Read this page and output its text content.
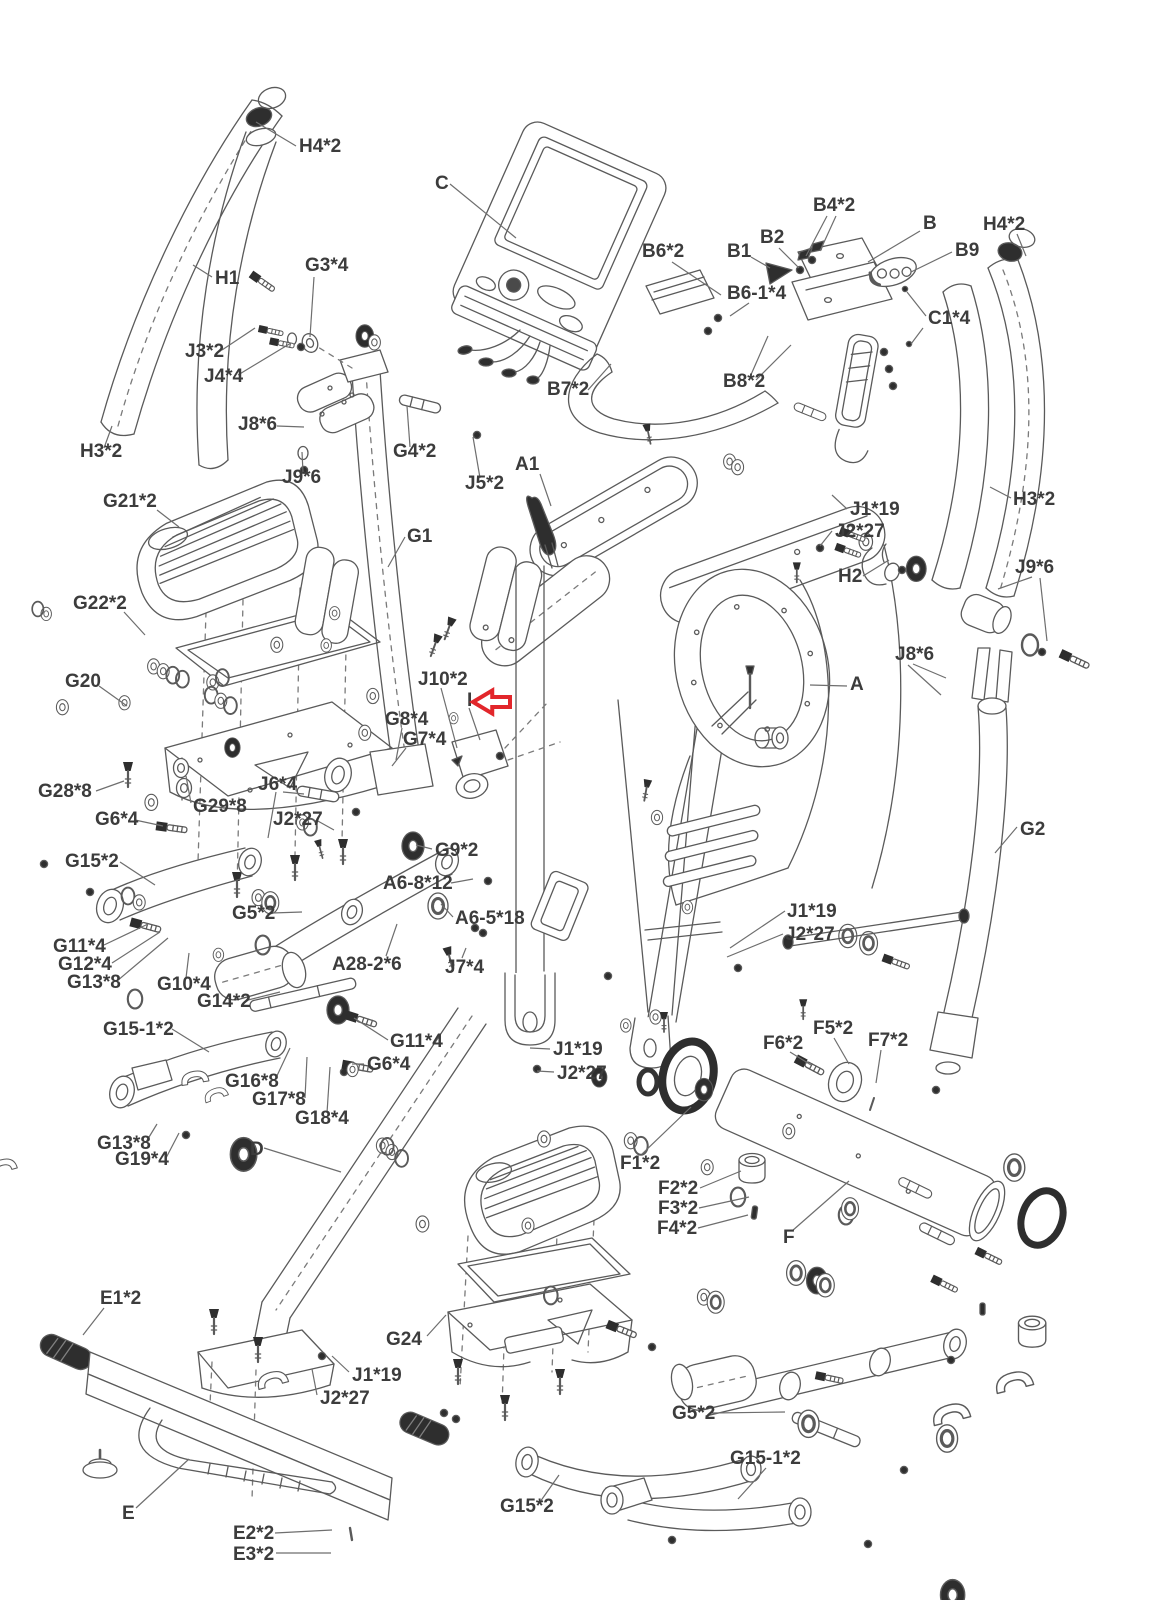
H4*2
C
B4*2
B H4*2
B2
B1
B6*2	B9
G3*4
H1
B6-1*4
C1*4
J3*2
J4*4	B8*2
B7*2
J8*6
H3*2	G4*2
J9*6
A1
J5*2
H3*2
G21*2	J1*19
G1	J2*27
J9*6
H2
G22*2
J8*6
G20	J10*2	A
I
G8*4
G7*4
G28*8	J6*4
G29*8
G6*4	J2*27	G2
G9*2
G15*2
A6-8*12
G5*2	J1*19
A6-5*18
J2*27
G11*4
G12*4	A28-2*6 J7*4
G13*8 G10*4
G14*2
G15-1*2
G11*4	J1*19
G6*4	J2*27
G16*8
G17*8
G18*4
F5*2
F6*2	F7*2
G13*8	D
G19*4	F1*2
F2*2
F3*2
F4*2	F
E1*2
G24
J1*19
J2*27
G5*2
G15-1*2
G15*2
E
E2*2
E3*2
